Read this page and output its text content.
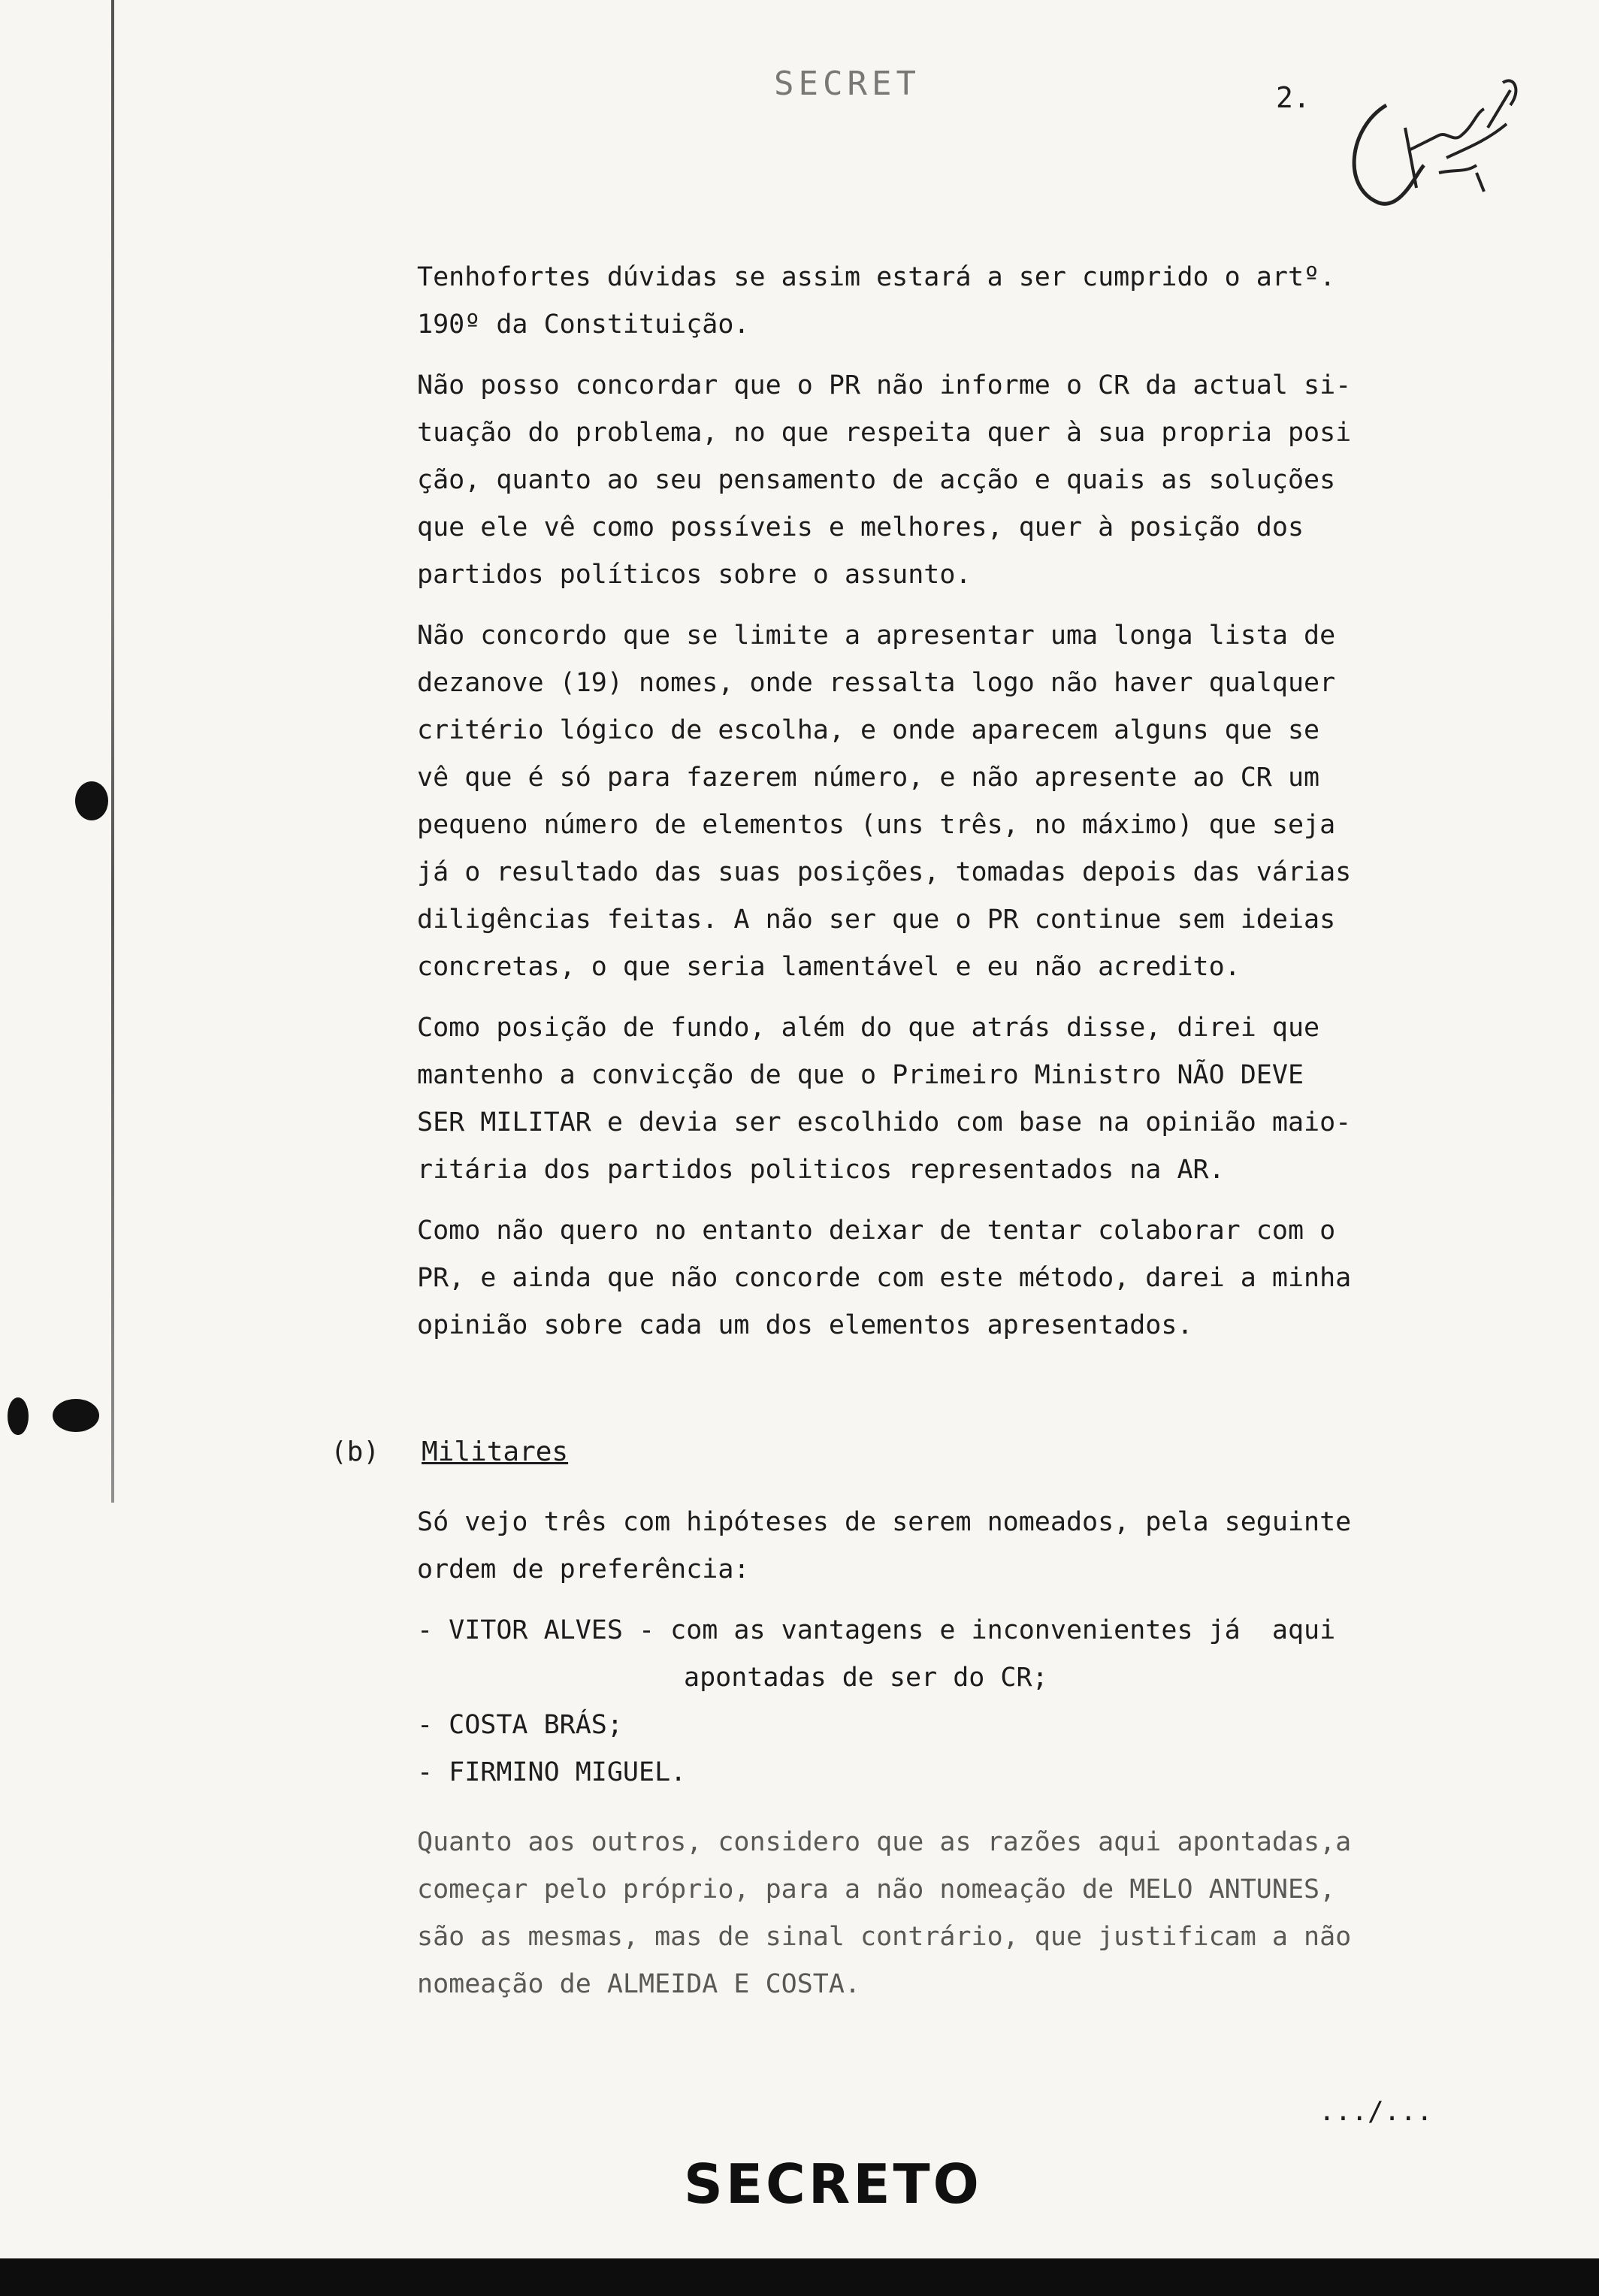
SECRET	2.

Tenhofortes dúvidas se assim estará a ser cumprido o artº.
190º da Constituição.

Não posso concordar que o PR não informe o CR da actual si-
tuação do problema, no que respeita quer à sua propria posi
ção, quanto ao seu pensamento de acção e quais as soluções
que ele vê como possíveis e melhores, quer à posição dos
partidos políticos sobre o assunto.

Não concordo que se limite a apresentar uma longa lista de
dezanove (19) nomes, onde ressalta logo não haver qualquer
critério lógico de escolha, e onde aparecem alguns que se
vê que é só para fazerem número, e não apresente ao CR um
pequeno número de elementos (uns três, no máximo) que seja
já o resultado das suas posições, tomadas depois das várias
diligências feitas. A não ser que o PR continue sem ideias
concretas, o que seria lamentável e eu não acredito.

Como posição de fundo, além do que atrás disse, direi que
mantenho a convicção de que o Primeiro Ministro NÃO DEVE
SER MILITAR e devia ser escolhido com base na opinião maio-
ritária dos partidos politicos representados na AR.

Como não quero no entanto deixar de tentar colaborar com o
PR, e ainda que não concorde com este método, darei a minha
opinião sobre cada um dos elementos apresentados.

(b) Militares

Só vejo três com hipóteses de serem nomeados, pela seguinte
ordem de preferência:

- VITOR ALVES - com as vantagens e inconvenientes já  aqui
apontadas de ser do CR;
- COSTA BRÁS;
- FIRMINO MIGUEL.

Quanto aos outros, considero que as razões aqui apontadas,a
começar pelo próprio, para a não nomeação de MELO ANTUNES,
são as mesmas, mas de sinal contrário, que justificam a não
nomeação de ALMEIDA E COSTA.

.../...
SECRETO
